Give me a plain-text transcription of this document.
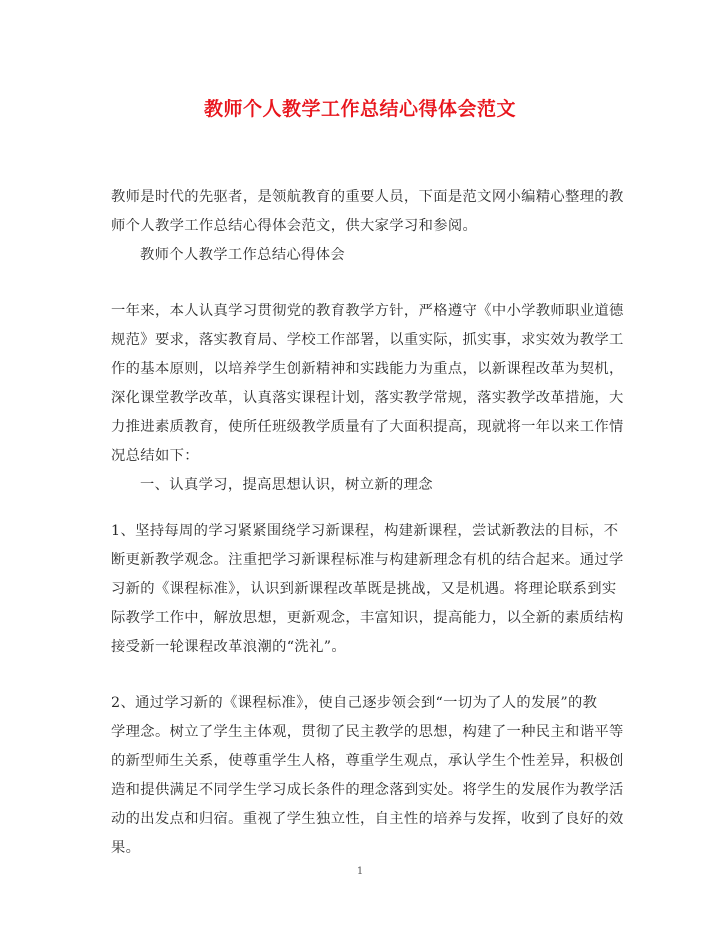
教师个人教学工作总结心得体会范文
教师是时代的先驱者，是领航教育的重要人员，下面是范文网小编精心整理的教
师个人教学工作总结心得体会范文，供大家学习和参阅。
教师个人教学工作总结心得体会
一年来，本人认真学习贯彻党的教育教学方针，严格遵守《中小学教师职业道德
规范》要求，落实教育局、学校工作部署，以重实际，抓实事，求实效为教学工
作的基本原则，以培养学生创新精神和实践能力为重点，以新课程改革为契机，
深化课堂教学改革，认真落实课程计划，落实教学常规，落实教学改革措施，大
力推进素质教育，使所任班级教学质量有了大面积提高，现就将一年以来工作情
况总结如下：
一、认真学习，提高思想认识，树立新的理念
1、坚持每周的学习紧紧围绕学习新课程，构建新课程，尝试新教法的目标，不
断更新教学观念。注重把学习新课程标准与构建新理念有机的结合起来。通过学
习新的《课程标准》，认识到新课程改革既是挑战，又是机遇。将理论联系到实
际教学工作中，解放思想，更新观念，丰富知识，提高能力，以全新的素质结构
接受新一轮课程改革浪潮的“洗礼”。
2、通过学习新的《课程标准》，使自己逐步领会到“一切为了人的发展”的教
学理念。树立了学生主体观，贯彻了民主教学的思想，构建了一种民主和谐平等
的新型师生关系，使尊重学生人格，尊重学生观点，承认学生个性差异，积极创
造和提供满足不同学生学习成长条件的理念落到实处。将学生的发展作为教学活
动的出发点和归宿。重视了学生独立性，自主性的培养与发挥，收到了良好的效
果。
1
